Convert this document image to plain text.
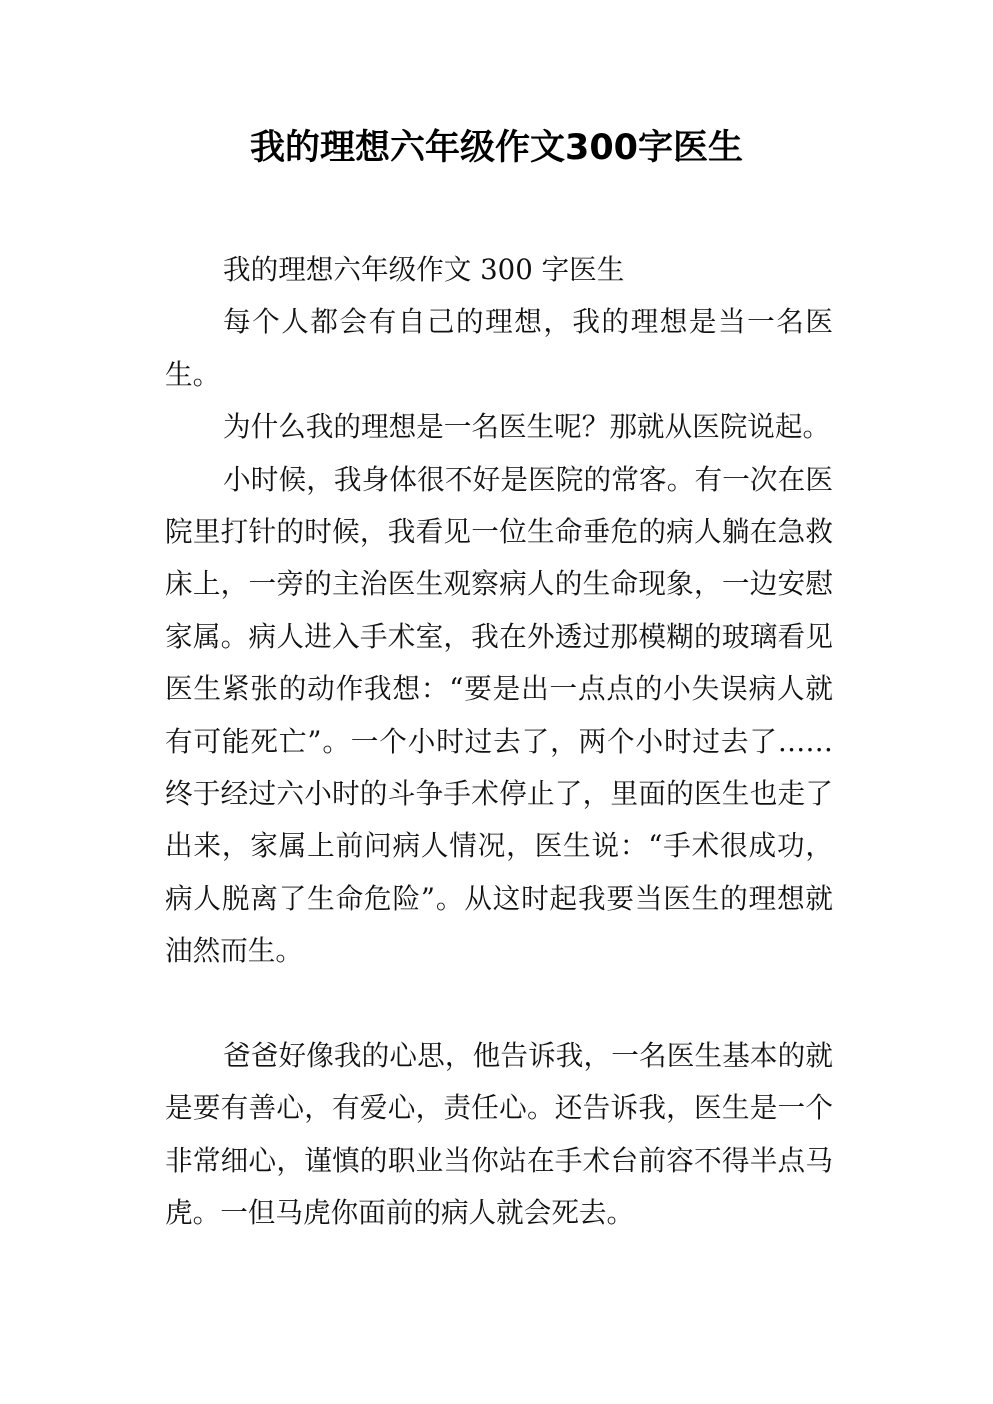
我的理想六年级作文300字医生

我的理想六年级作文 300 字医生

每个人都会有自己的理想，我的理想是当一名医生。

为什么我的理想是一名医生呢？那就从医院说起。

小时候，我身体很不好是医院的常客。有一次在医院里打针的时候，我看见一位生命垂危的病人躺在急救床上，一旁的主治医生观察病人的生命现象，一边安慰家属。病人进入手术室，我在外透过那模糊的玻璃看见医生紧张的动作我想：“要是出一点点的小失误病人就有可能死亡”。一个小时过去了，两个小时过去了……终于经过六小时的斗争手术停止了，里面的医生也走了出来，家属上前问病人情况，医生说：“手术很成功，病人脱离了生命危险”。从这时起我要当医生的理想就油然而生。

爸爸好像我的心思，他告诉我，一名医生基本的就是要有善心，有爱心，责任心。还告诉我，医生是一个非常细心，谨慎的职业当你站在手术台前容不得半点马虎。一但马虎你面前的病人就会死去。
